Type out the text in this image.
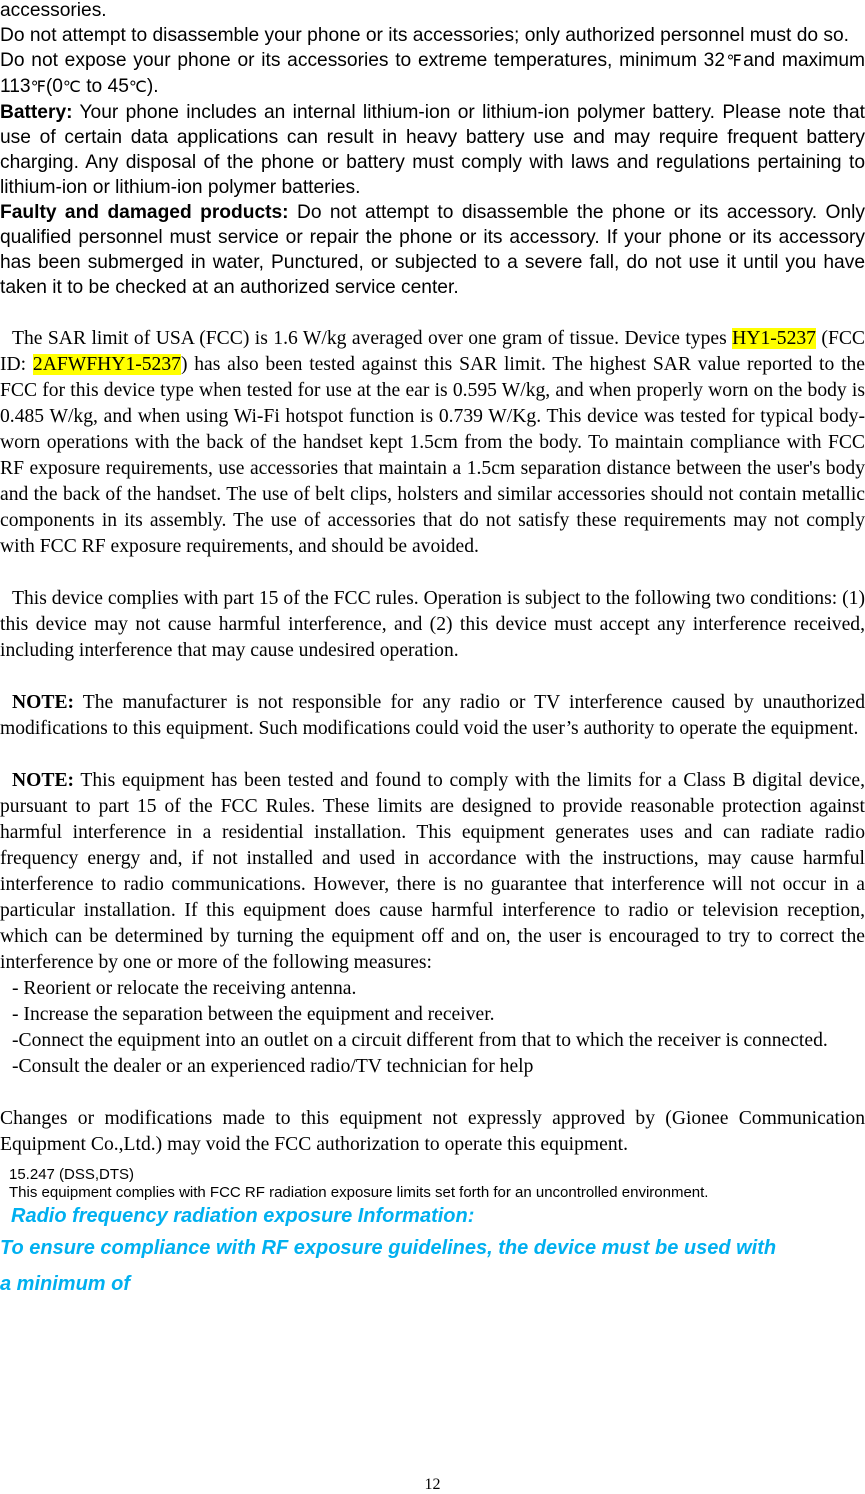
accessories.

Do not attempt to disassemble your phone or its accessories; only authorized personnel must do so.

Do not expose your phone or its accessories to extreme temperatures, minimum 32℉and maximum 113℉(0℃ to 45℃).

Battery: Your phone includes an internal lithium-ion or lithium-ion polymer battery. Please note that use of certain data applications can result in heavy battery use and may require frequent battery charging. Any disposal of the phone or battery must comply with laws and regulations pertaining to lithium-ion or lithium-ion polymer batteries.

Faulty and damaged products: Do not attempt to disassemble the phone or its accessory. Only qualified personnel must service or repair the phone or its accessory. If your phone or its accessory has been submerged in water, Punctured, or subjected to a severe fall, do not use it until you have taken it to be checked at an authorized service center.

The SAR limit of USA (FCC) is 1.6 W/kg averaged over one gram of tissue. Device types HY1-5237 (FCC ID: 2AFWFHY1-5237) has also been tested against this SAR limit. The highest SAR value reported to the FCC for this device type when tested for use at the ear is 0.595 W/kg, and when properly worn on the body is 0.485 W/kg, and when using Wi-Fi hotspot function is 0.739 W/Kg. This device was tested for typical body-worn operations with the back of the handset kept 1.5cm from the body. To maintain compliance with FCC RF exposure requirements, use accessories that maintain a 1.5cm separation distance between the user's body and the back of the handset. The use of belt clips, holsters and similar accessories should not contain metallic components in its assembly. The use of accessories that do not satisfy these requirements may not comply with FCC RF exposure requirements, and should be avoided.

This device complies with part 15 of the FCC rules. Operation is subject to the following two conditions: (1) this device may not cause harmful interference, and (2) this device must accept any interference received, including interference that may cause undesired operation.

NOTE: The manufacturer is not responsible for any radio or TV interference caused by unauthorized modifications to this equipment. Such modifications could void the user’s authority to operate the equipment.

NOTE: This equipment has been tested and found to comply with the limits for a Class B digital device, pursuant to part 15 of the FCC Rules. These limits are designed to provide reasonable protection against harmful interference in a residential installation. This equipment generates uses and can radiate radio frequency energy and, if not installed and used in accordance with the instructions, may cause harmful interference to radio communications. However, there is no guarantee that interference will not occur in a particular installation. If this equipment does cause harmful interference to radio or television reception, which can be determined by turning the equipment off and on, the user is encouraged to try to correct the interference by one or more of the following measures:

- Reorient or relocate the receiving antenna.

- Increase the separation between the equipment and receiver.

-Connect the equipment into an outlet on a circuit different from that to which the receiver is connected.

-Consult the dealer or an experienced radio/TV technician for help

Changes or modifications made to this equipment not expressly approved by (Gionee Communication Equipment Co.,Ltd.) may void the FCC authorization to operate this equipment.

15.247 (DSS,DTS)

This equipment complies with FCC RF radiation exposure limits set forth for an uncontrolled environment.

Radio frequency radiation exposure Information:

To ensure compliance with RF exposure guidelines, the device must be used with

a minimum of

12
